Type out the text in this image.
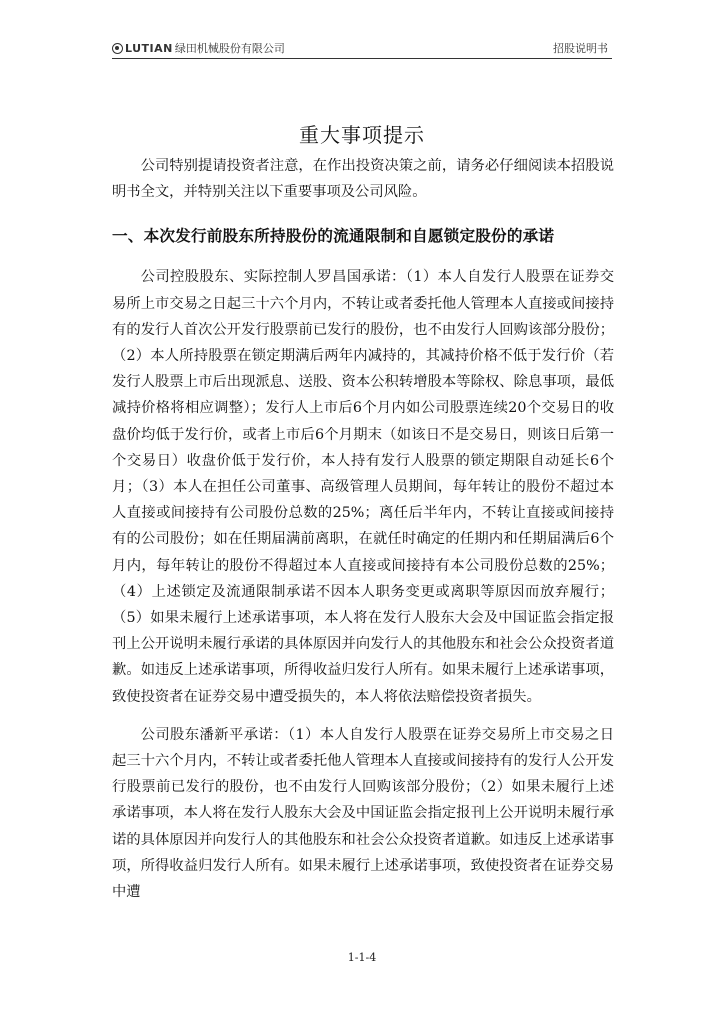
LUTIAN 绿田机械股份有限公司	招股说明书
重大事项提示

公司特别提请投资者注意，在作出投资决策之前，请务必仔细阅读本招股说明书全文，并特别关注以下重要事项及公司风险。

一、本次发行前股东所持股份的流通限制和自愿锁定股份的承诺

公司控股股东、实际控制人罗昌国承诺：（1）本人自发行人股票在证券交易所上市交易之日起三十六个月内，不转让或者委托他人管理本人直接或间接持有的发行人首次公开发行股票前已发行的股份，也不由发行人回购该部分股份；（2）本人所持股票在锁定期满后两年内减持的，其减持价格不低于发行价（若发行人股票上市后出现派息、送股、资本公积转增股本等除权、除息事项，最低减持价格将相应调整）；发行人上市后6个月内如公司股票连续20个交易日的收盘价均低于发行价，或者上市后6个月期末（如该日不是交易日，则该日后第一个交易日）收盘价低于发行价，本人持有发行人股票的锁定期限自动延长6个月；（3）本人在担任公司董事、高级管理人员期间，每年转让的股份不超过本人直接或间接持有公司股份总数的25%；离任后半年内，不转让直接或间接持有的公司股份；如在任期届满前离职，在就任时确定的任期内和任期届满后6个月内，每年转让的股份不得超过本人直接或间接持有本公司股份总数的25%；（4）上述锁定及流通限制承诺不因本人职务变更或离职等原因而放弃履行；（5）如果未履行上述承诺事项，本人将在发行人股东大会及中国证监会指定报刊上公开说明未履行承诺的具体原因并向发行人的其他股东和社会公众投资者道歉。如违反上述承诺事项，所得收益归发行人所有。如果未履行上述承诺事项，致使投资者在证券交易中遭受损失的，本人将依法赔偿投资者损失。

公司股东潘新平承诺：（1）本人自发行人股票在证券交易所上市交易之日起三十六个月内，不转让或者委托他人管理本人直接或间接持有的发行人公开发行股票前已发行的股份，也不由发行人回购该部分股份；（2）如果未履行上述承诺事项，本人将在发行人股东大会及中国证监会指定报刊上公开说明未履行承诺的具体原因并向发行人的其他股东和社会公众投资者道歉。如违反上述承诺事项，所得收益归发行人所有。如果未履行上述承诺事项，致使投资者在证券交易中遭

1-1-4
